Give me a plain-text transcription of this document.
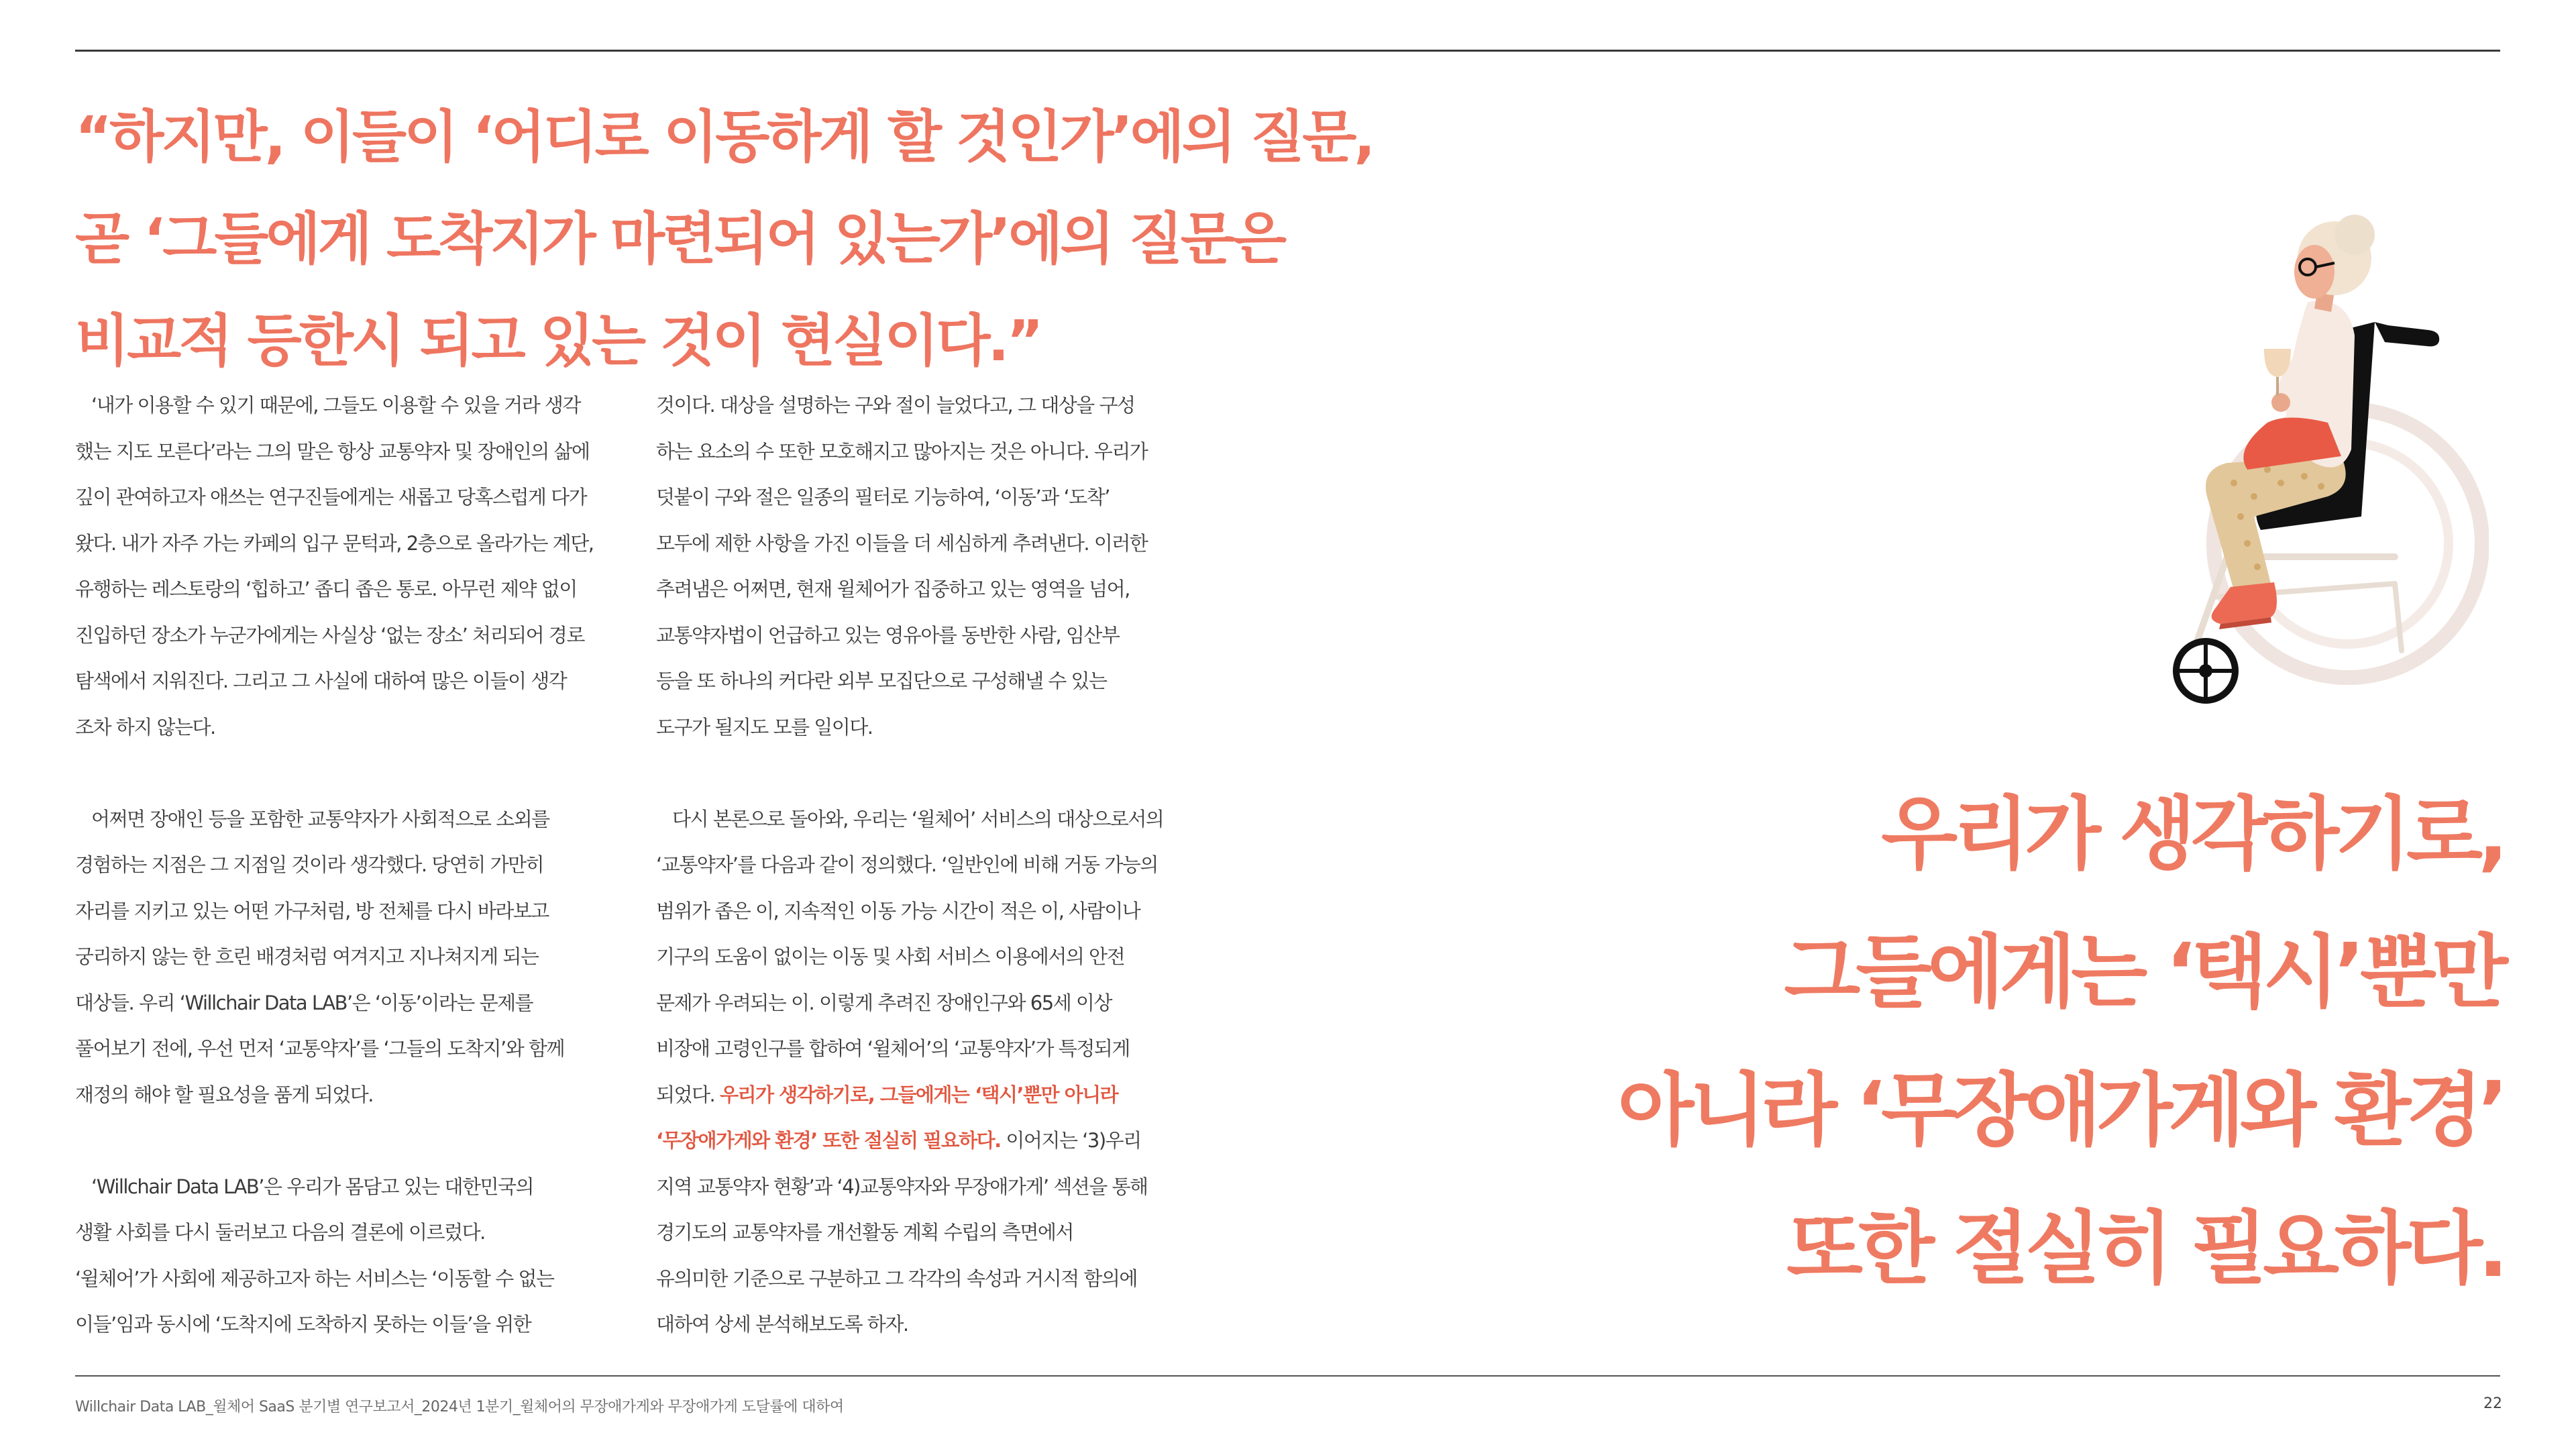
“하지만, 이들이 ‘어디로 이동하게 할 것인가’에의 질문,
곧 ‘그들에게 도착지가 마련되어 있는가’에의 질문은
비교적 등한시 되고 있는 것이 현실이다.”
‘내가 이용할 수 있기 때문에, 그들도 이용할 수 있을 거라 생각
했는 지도 모른다’라는 그의 말은 항상 교통약자 및 장애인의 삶에
깊이 관여하고자 애쓰는 연구진들에게는 새롭고 당혹스럽게 다가
왔다. 내가 자주 가는 카페의 입구 문턱과, 2층으로 올라가는 계단,
유행하는 레스토랑의 ‘힙하고’ 좁디 좁은 통로. 아무런 제약 없이
진입하던 장소가 누군가에게는 사실상 ‘없는 장소’ 처리되어 경로
탐색에서 지워진다. 그리고 그 사실에 대하여 많은 이들이 생각
조차 하지 않는다.
어쩌면 장애인 등을 포함한 교통약자가 사회적으로 소외를
경험하는 지점은 그 지점일 것이라 생각했다. 당연히 가만히
자리를 지키고 있는 어떤 가구처럼, 방 전체를 다시 바라보고
궁리하지 않는 한 흐린 배경처럼 여겨지고 지나쳐지게 되는
대상들. 우리 ‘Willchair Data LAB’은 ‘이동’이라는 문제를
풀어보기 전에, 우선 먼저 ‘교통약자’를 ‘그들의 도착지’와 함께
재정의 해야 할 필요성을 품게 되었다.
‘Willchair Data LAB’은 우리가 몸담고 있는 대한민국의
생활 사회를 다시 둘러보고 다음의 결론에 이르렀다.
‘윌체어’가 사회에 제공하고자 하는 서비스는 ‘이동할 수 없는
이들’임과 동시에 ‘도착지에 도착하지 못하는 이들’을 위한
것이다. 대상을 설명하는 구와 절이 늘었다고, 그 대상을 구성
하는 요소의 수 또한 모호해지고 많아지는 것은 아니다. 우리가
덧붙이 구와 절은 일종의 필터로 기능하여, ‘이동’과 ‘도착’
모두에 제한 사항을 가진 이들을 더 세심하게 추려낸다. 이러한
추려냄은 어쩌면, 현재 윌체어가 집중하고 있는 영역을 넘어,
교통약자법이 언급하고 있는 영유아를 동반한 사람, 임산부
등을 또 하나의 커다란 외부 모집단으로 구성해낼 수 있는
도구가 될지도 모를 일이다.
다시 본론으로 돌아와, 우리는 ‘윌체어’ 서비스의 대상으로서의
‘교통약자’를 다음과 같이 정의했다. ‘일반인에 비해 거동 가능의
범위가 좁은 이, 지속적인 이동 가능 시간이 적은 이, 사람이나
기구의 도움이 없이는 이동 및 사회 서비스 이용에서의 안전
문제가 우려되는 이. 이렇게 추려진 장애인구와 65세 이상
비장애 고령인구를 합하여 ‘윌체어’의 ‘교통약자’가 특정되게
되었다. 우리가 생각하기로, 그들에게는 ‘택시’뿐만 아니라
‘무장애가게와 환경’ 또한 절실히 필요하다. 이어지는 ‘3)우리
지역 교통약자 현황’과 ‘4)교통약자와 무장애가게’ 섹션을 통해
경기도의 교통약자를 개선활동 계획 수립의 측면에서
유의미한 기준으로 구분하고 그 각각의 속성과 거시적 함의에
대하여 상세 분석해보도록 하자.
우리가 생각하기로,
그들에게는 ‘택시’뿐만
아니라 ‘무장애가게와 환경’
또한 절실히 필요하다.
Willchair Data LAB_윌체어 SaaS 분기별 연구보고서_2024년 1분기_윌체어의 무장애가게와 무장애가게 도달률에 대하여	22
